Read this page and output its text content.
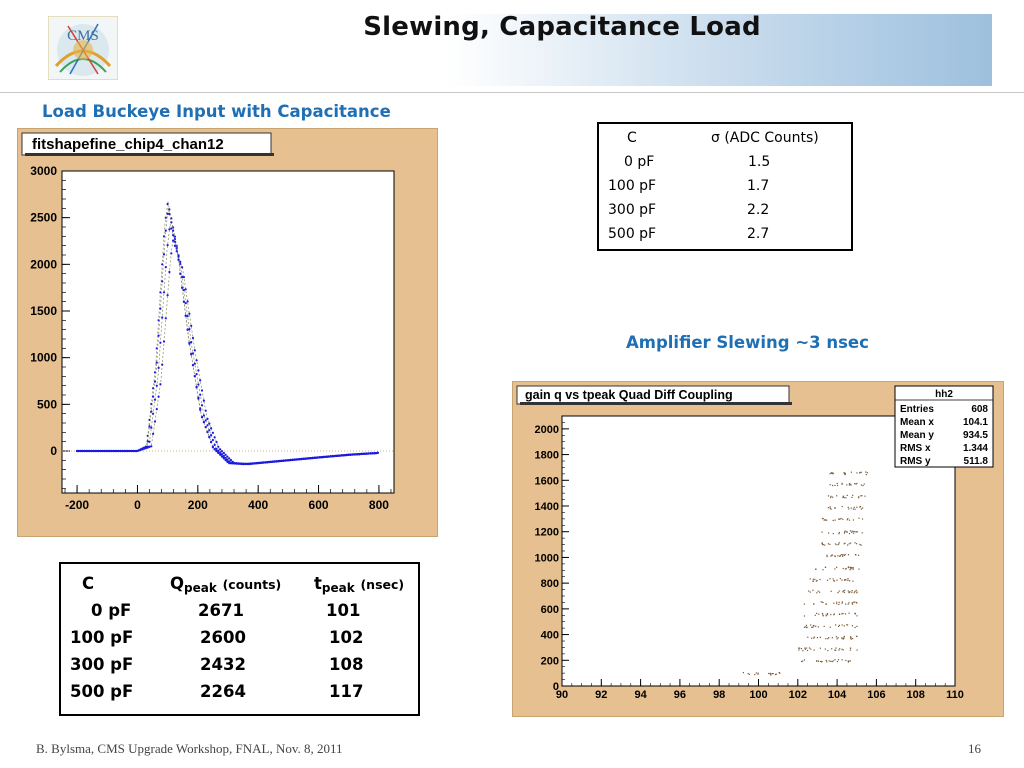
CMS	Slewing, Capacitance Load
Load Buckeye Input with Capacitance
Amplifier Slewing ~3 nsec
fitshapefine_chip4_chan12
0
500
1000
1500
2000
2500
3000
-200	0	200	400	600	800
gain q vs tpeak Quad Diff Coupling
0
200
400
600
800
1000
1200
1400
1600
1800
2000
90 92 94 96 98 100 102 104 106 108 110
hh2
Entries	608
Mean x	104.1
Mean y	934.5
RMS x	1.344
RMS y	511.8
C	σ (ADC Counts)
0 pF	1.5
100 pF	1.7
300 pF	2.2
500 pF	2.7
C	$Q_{peak}$ (counts) $t_{peak}$ (nsec)
0 pF	2671	101
100 pF	2600	102
300 pF	2432	108
500 pF	2264	117
B. Bylsma, CMS Upgrade Workshop, FNAL, Nov. 8, 2011	16
